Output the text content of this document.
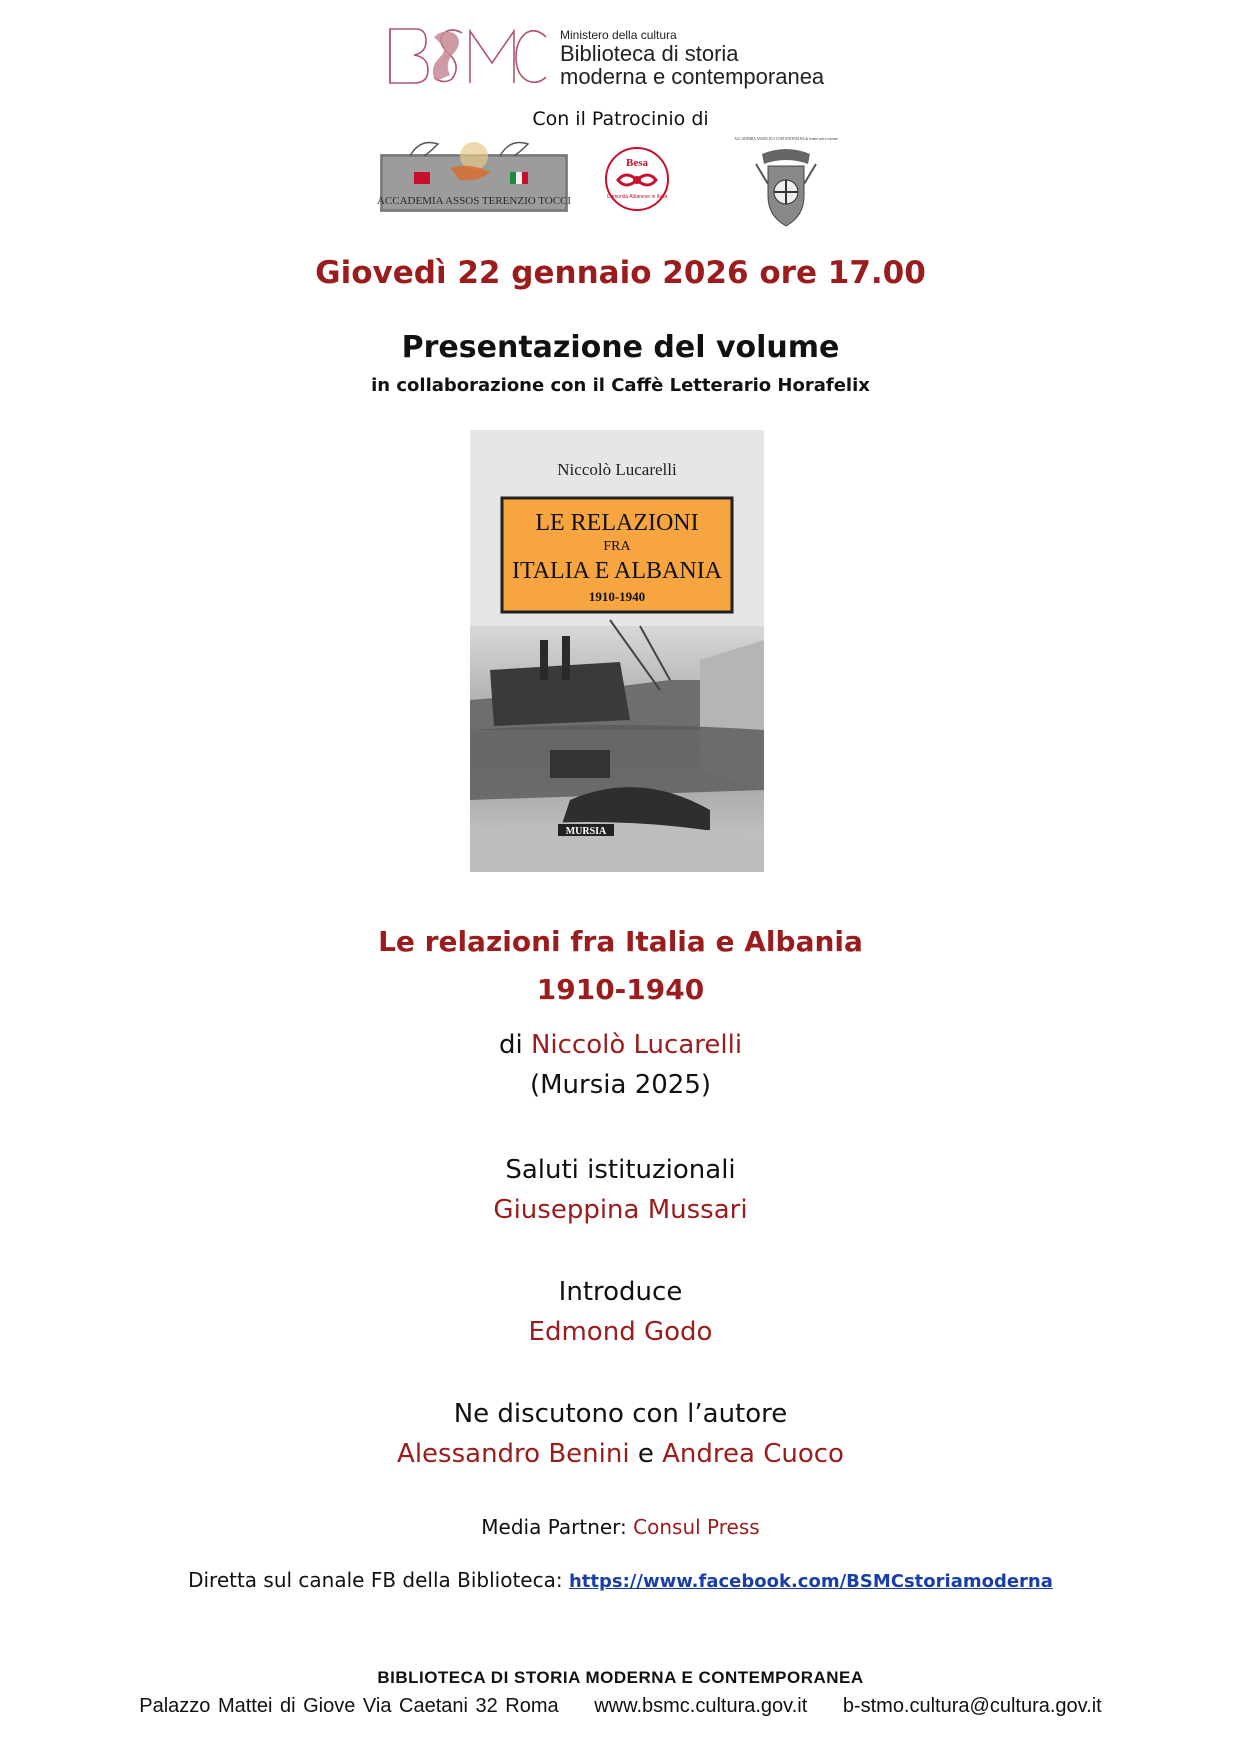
Ministero della cultura
Biblioteca di storia
moderna e contemporanea
Con il Patrocinio di
ACCADEMIA ASSOS TERENZIO TOCCI
Besa
Comunità Albanese in Italia
ACCADEMIA ANGELICO COSTANTINIANA di lettere arti e scienze
Giovedì 22 gennaio 2026 ore 17.00
Presentazione del volume
in collaborazione con il Caffè Letterario Horafelix
Niccolò Lucarelli
LE RELAZIONI
FRA
ITALIA E ALBANIA
1910-1940
MURSIA
Le relazioni fra Italia e Albania
1910-1940
di Niccolò Lucarelli
(Mursia 2025)
Saluti istituzionali
Giuseppina Mussari
Introduce
Edmond Godo
Ne discutono con l’autore
Alessandro Benini e Andrea Cuoco
Media Partner: Consul Press
Diretta sul canale FB della Biblioteca: https://www.facebook.com/BSMCstoriamoderna
BIBLIOTECA DI STORIA MODERNA E CONTEMPORANEA
Palazzo Mattei di Giove Via Caetani 32 Roma www.bsmc.cultura.gov.it b-stmo.cultura@cultura.gov.it
